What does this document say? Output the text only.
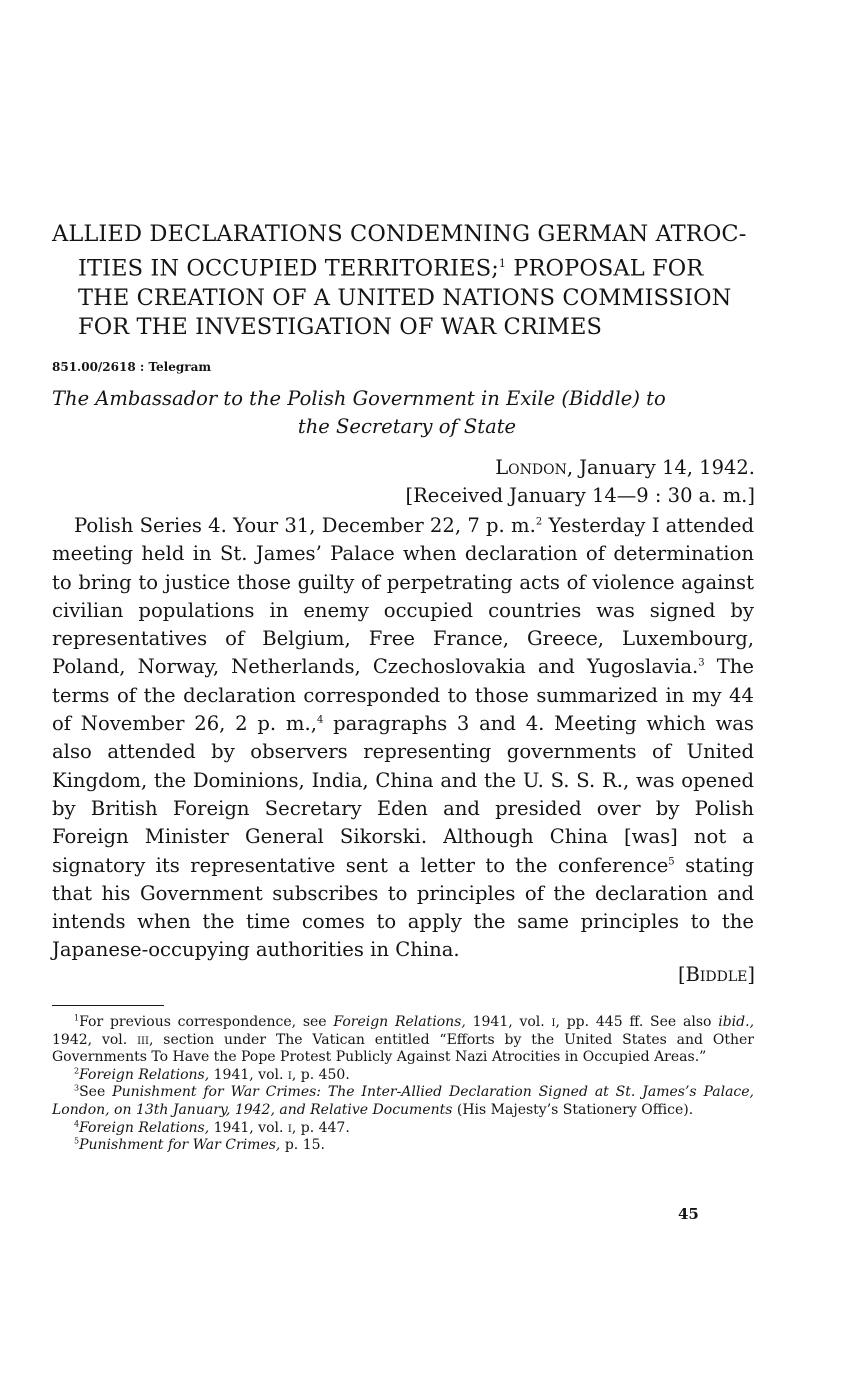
ALLIED DECLARATIONS CONDEMNING GERMAN ATROC-
ITIES IN OCCUPIED TERRITORIES;$^1$ PROPOSAL FOR
THE CREATION OF A UNITED NATIONS COMMISSION
FOR THE INVESTIGATION OF WAR CRIMES
851.00/2618 : Telegram
The Ambassador to the Polish Government in Exile (Biddle) to
the Secretary of State
London, January 14, 1942.
[Received January 14—9 : 30 a. m.]
Polish Series 4. Your 31, December 22, 7 p. m.$^2$ Yesterday I attended meeting held in St. James’ Palace when declaration of determination to bring to justice those guilty of perpetrating acts of violence against civilian populations in enemy occupied countries was signed by representatives of Belgium, Free France, Greece, Luxembourg, Poland, Norway, Netherlands, Czechoslovakia and Yugoslavia.$^3$ The terms of the declaration corresponded to those summarized in my 44 of November 26, 2 p. m.,$^4$ paragraphs 3 and 4. Meeting which was also attended by observers representing governments of United Kingdom, the Dominions, India, China and the U. S. S. R., was opened by British Foreign Secretary Eden and presided over by Polish Foreign Minister General Sikorski. Although China [was] not a signatory its representative sent a letter to the conference$^5$ stating that his Government subscribes to principles of the declaration and intends when the time comes to apply the same principles to the Japanese-occupying authorities in China.
[Biddle]
$^1$For previous correspondence, see Foreign Relations, 1941, vol. i, pp. 445 ff. See also ibid., 1942, vol. iii, section under The Vatican entitled “Efforts by the United States and Other Governments To Have the Pope Protest Publicly Against Nazi Atrocities in Occupied Areas.”
$^2$Foreign Relations, 1941, vol. i, p. 450.
$^3$See Punishment for War Crimes: The Inter-Allied Declaration Signed at St. James’s Palace, London, on 13th January, 1942, and Relative Documents (His Majesty’s Stationery Office).
$^4$Foreign Relations, 1941, vol. i, p. 447.
$^5$Punishment for War Crimes, p. 15.
45
